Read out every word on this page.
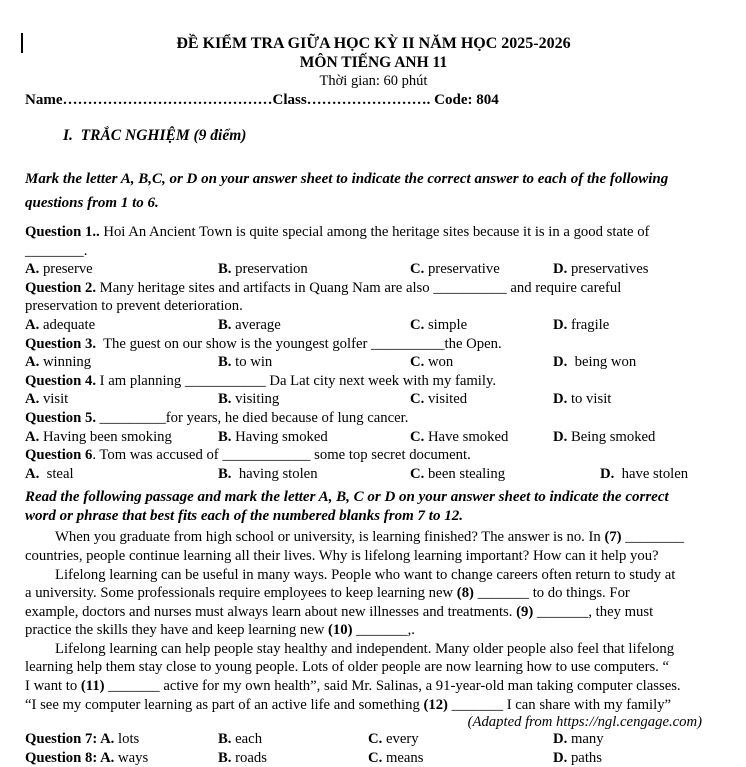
ĐỀ KIỂM TRA GIỮA HỌC KỲ II NĂM HỌC 2025-2026
MÔN TIẾNG ANH 11
Thời gian: 60 phút
Name……………………………………Class……………………. Code: 804
I.  TRẮC NGHIỆM (9 điểm)
Mark the letter A, B,C, or D on your answer sheet to indicate the correct answer to each of the following
questions from 1 to 6.
Question 1.. Hoi An Ancient Town is quite special among the heritage sites because it is in a good state of
________.
A. preserve	B. preservation	C. preservative	D. preservatives
Question 2. Many heritage sites and artifacts in Quang Nam are also __________ and require careful
preservation to prevent deterioration.
A. adequate	B. average	C. simple	D. fragile
Question 3.  The guest on our show is the youngest golfer __________the Open.
A. winning	B. to win	C. won	D.  being won
Question 4. I am planning ___________ Da Lat city next week with my family.
A. visit	B. visiting	C. visited	D. to visit
Question 5. _________for years, he died because of lung cancer.
A. Having been smoking	B. Having smoked	C. Have smoked	D. Being smoked
Question 6. Tom was accused of ____________ some top secret document.
A.  steal	B.  having stolen	C. been stealing	D.  have stolen
Read the following passage and mark the letter A, B, C or D on your answer sheet to indicate the correct
word or phrase that best fits each of the numbered blanks from 7 to 12.
When you graduate from high school or university, is learning finished? The answer is no. In (7) ________
countries, people continue learning all their lives. Why is lifelong learning important? How can it help you?
Lifelong learning can be useful in many ways. People who want to change careers often return to study at
a university. Some professionals require employees to keep learning new (8) _______ to do things. For
example, doctors and nurses must always learn about new illnesses and treatments. (9) _______, they must
practice the skills they have and keep learning new (10) _______,.
Lifelong learning can help people stay healthy and independent. Many older people also feel that lifelong
learning help them stay close to young people. Lots of older people are now learning how to use computers. “
I want to (11) _______ active for my own health”, said Mr. Salinas, a 91-year-old man taking computer classes.
“I see my computer learning as part of an active life and something (12) _______ I can share with my family”
(Adapted from https://ngl.cengage.com)
Question 7: A. lots	B. each	C. every	D. many
Question 8: A. ways	B. roads	C. means	D. paths
